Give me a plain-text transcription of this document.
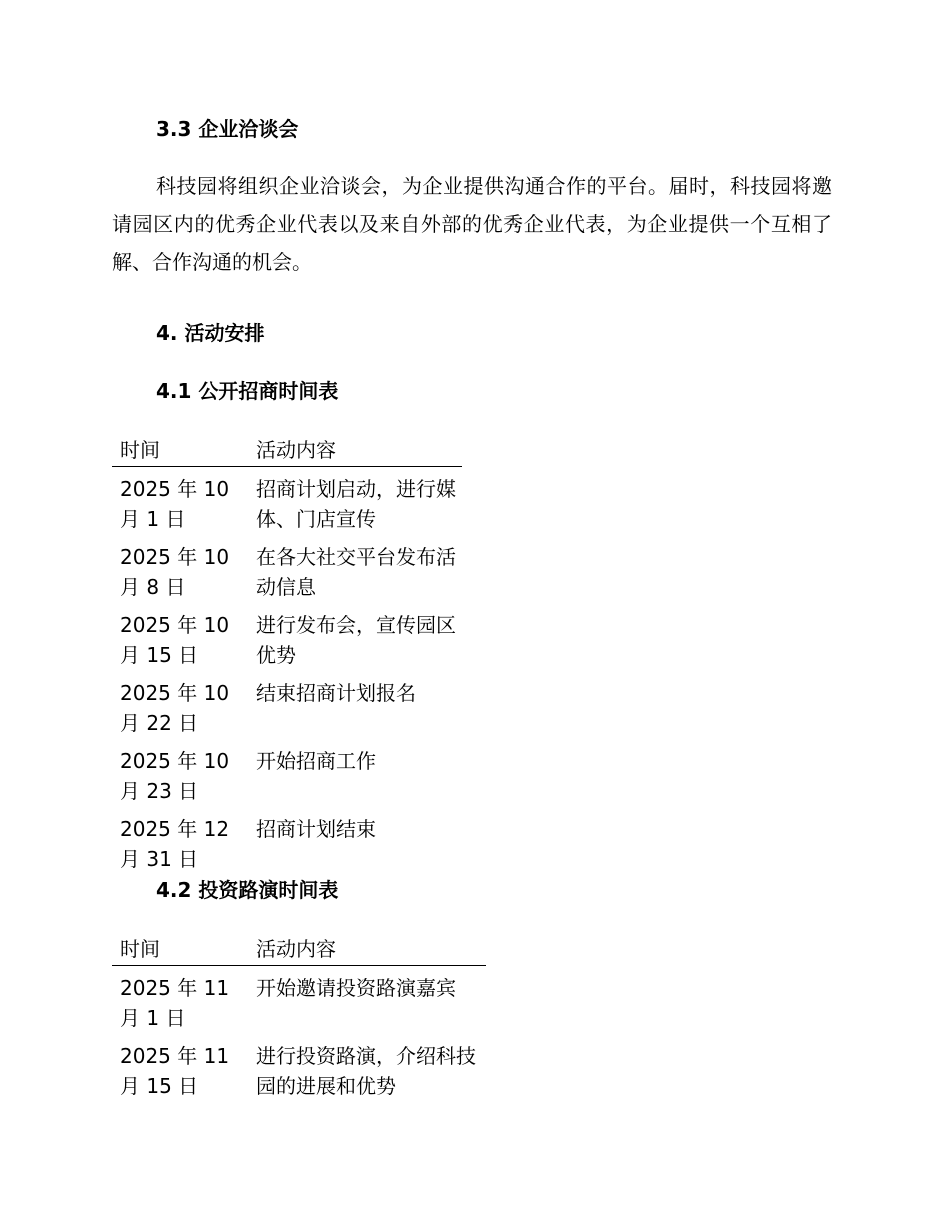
3.3 企业洽谈会

科技园将组织企业洽谈会，为企业提供沟通合作的平台。届时，科技园将邀请园区内的优秀企业代表以及来自外部的优秀企业代表，为企业提供一个互相了解、合作沟通的机会。

4. 活动安排
4.1 公开招商时间表
时间	活动内容
2025 年 10 月 1 日	招商计划启动，进行媒体、门店宣传
2025 年 10 月 8 日	在各大社交平台发布活动信息
2025 年 10 月 15 日	进行发布会，宣传园区优势
2025 年 10 月 22 日	结束招商计划报名
2025 年 10 月 23 日	开始招商工作
2025 年 12 月 31 日	招商计划结束
4.2 投资路演时间表
时间	活动内容
2025 年 11 月 1 日	开始邀请投资路演嘉宾
2025 年 11 月 15 日	进行投资路演，介绍科技园的进展和优势
